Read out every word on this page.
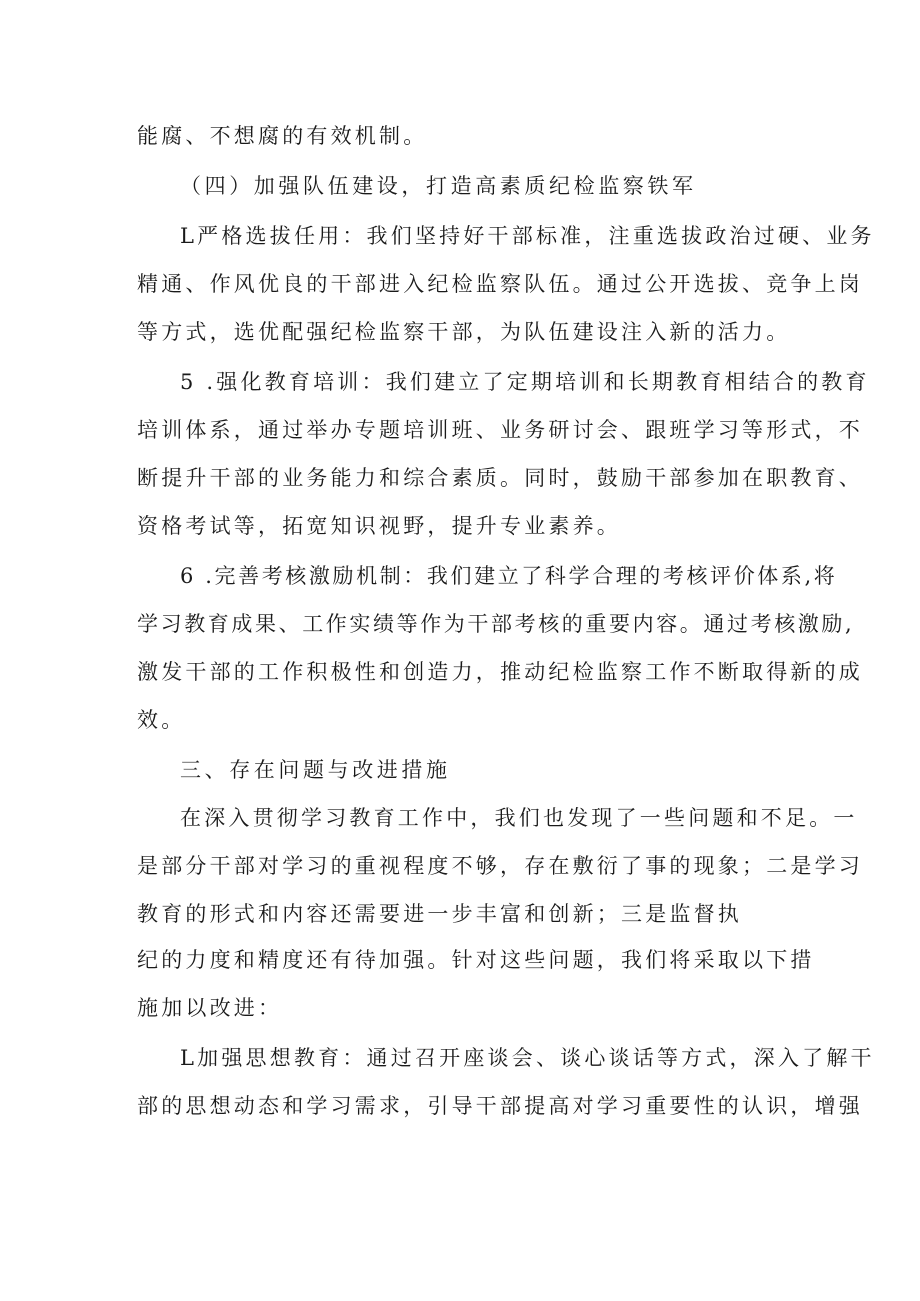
能腐、不想腐的有效机制。
（四）加强队伍建设，打造高素质纪检监察铁军
L严格选拔任用：我们坚持好干部标准，注重选拔政治过硬、业务
精通、作风优良的干部进入纪检监察队伍。通过公开选拔、竞争上岗
等方式，选优配强纪检监察干部，为队伍建设注入新的活力。
5 .强化教育培训：我们建立了定期培训和长期教育相结合的教育
培训体系，通过举办专题培训班、业务研讨会、跟班学习等形式，不
断提升干部的业务能力和综合素质。同时，鼓励干部参加在职教育、
资格考试等，拓宽知识视野，提升专业素养。
6 .完善考核激励机制：我们建立了科学合理的考核评价体系,将
学习教育成果、工作实绩等作为干部考核的重要内容。通过考核激励,
激发干部的工作积极性和创造力，推动纪检监察工作不断取得新的成
效。
三、存在问题与改进措施
在深入贯彻学习教育工作中，我们也发现了一些问题和不足。一
是部分干部对学习的重视程度不够，存在敷衍了事的现象；二是学习
教育的形式和内容还需要进一步丰富和创新；三是监督执
纪的力度和精度还有待加强。针对这些问题，我们将采取以下措
施加以改进：
L加强思想教育：通过召开座谈会、谈心谈话等方式，深入了解干
部的思想动态和学习需求，引导干部提高对学习重要性的认识，增强
